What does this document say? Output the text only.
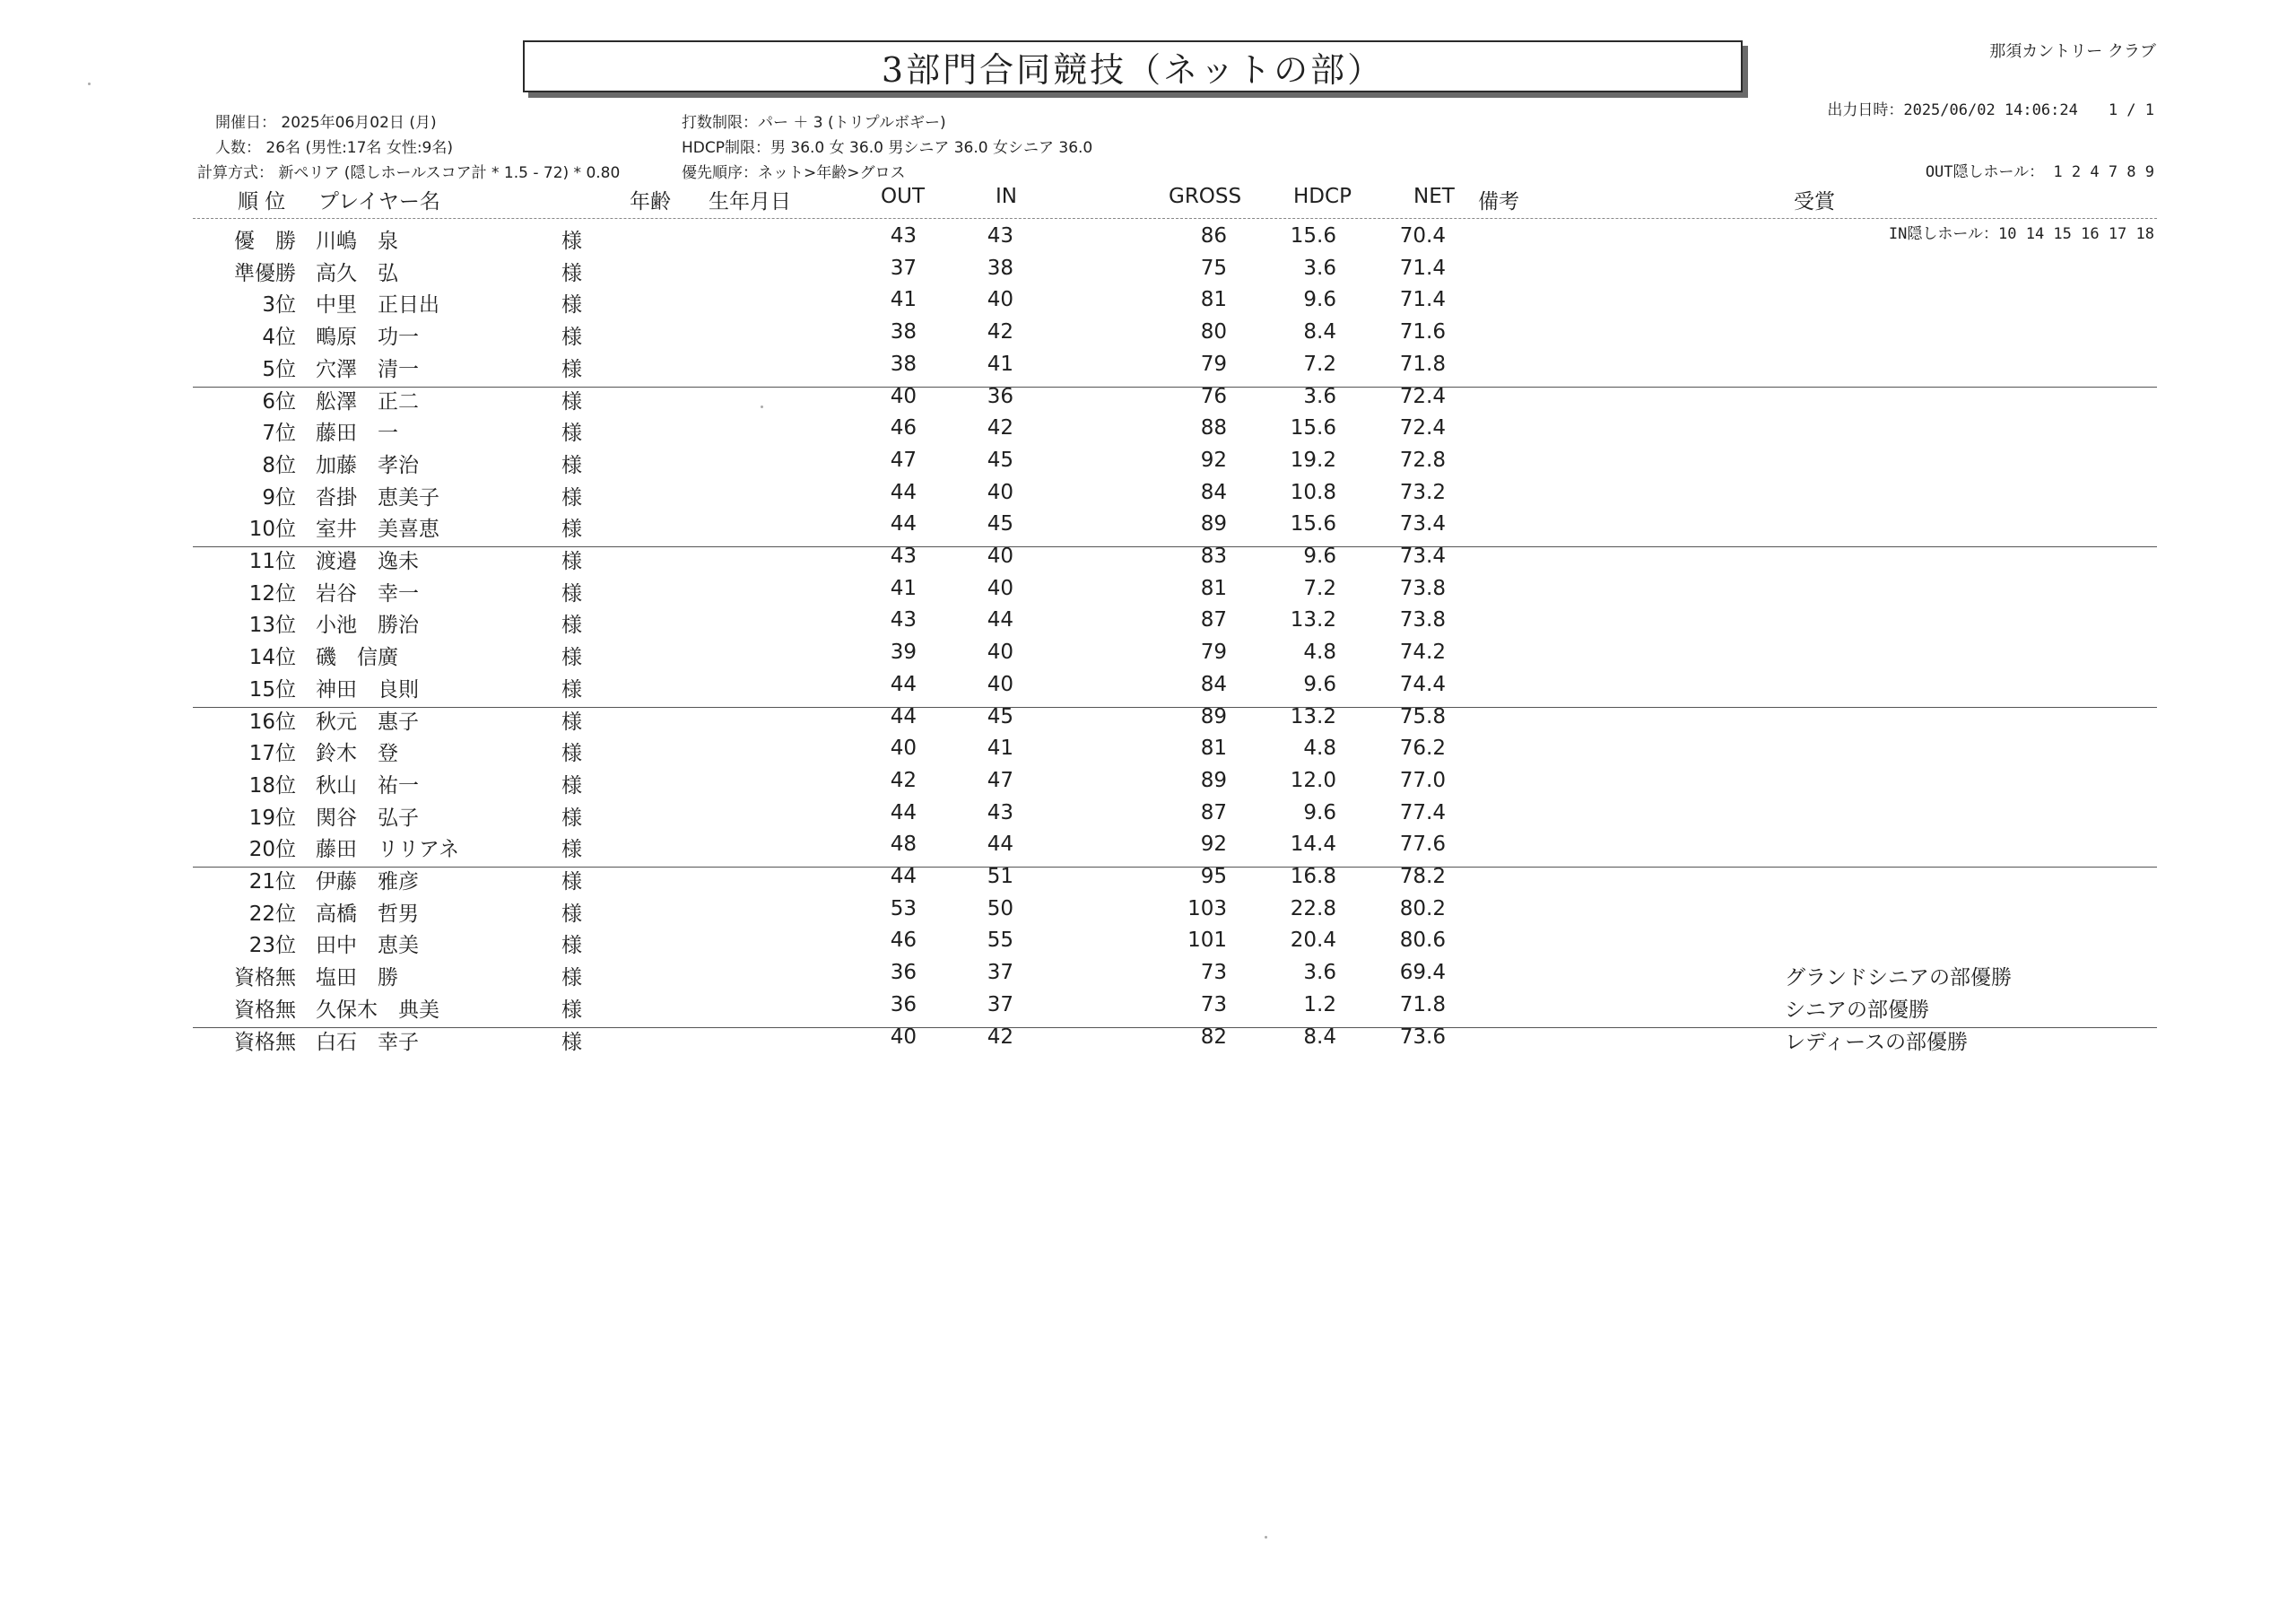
3部門合同競技（ネットの部）	那須カントリー クラブ

出力日時：2025/06/02 14:06:24　　 1 / 1

OUT隠しホール： 1 2 4 7 8 9

IN隠しホール：10 14 15 16 17 18

開催日： 2025年06月02日 (月)
人数： 26名 (男性:17名 女性:9名)
計算方式： 新ペリア (隠しホールスコア計 * 1.5 - 72) * 0.80
打数制限：パー ＋ 3 (トリプルボギー)
HDCP制限：男 36.0 女 36.0 男シニア 36.0 女シニア 36.0
優先順序：ネット>年齢>グロス
順 位 プレイヤー名	年齢 生年月日	OUT	IN	GROSS	HDCP	NET 備考	受賞
優　勝 川嶋　泉	様	43	43	86	15.6	70.4
準優勝 高久　弘	様	37	38	75	3.6	71.4
3位 中里　正日出	様	41	40	81	9.6	71.4
4位 鴫原　功一	様	38	42	80	8.4	71.6
5位 穴澤　清一	様	38	41	79	7.2	71.8
6位 舩澤　正二	様	40	36	76	3.6	72.4
7位 藤田　一	様	46	42	88	15.6	72.4
8位 加藤　孝治	様	47	45	92	19.2	72.8
9位 沓掛　恵美子	様	44	40	84	10.8	73.2
10位 室井　美喜恵	様	44	45	89	15.6	73.4
11位 渡邉　逸未	様	43	40	83	9.6	73.4
12位 岩谷　幸一	様	41	40	81	7.2	73.8
13位 小池　勝治	様	43	44	87	13.2	73.8
14位 磯　信廣	様	39	40	79	4.8	74.2
15位 神田　良則	様	44	40	84	9.6	74.4
16位 秋元　惠子	様	44	45	89	13.2	75.8
17位 鈴木　登	様	40	41	81	4.8	76.2
18位 秋山　祐一	様	42	47	89	12.0	77.0
19位 関谷　弘子	様	44	43	87	9.6	77.4
20位 藤田　リリアネ	様	48	44	92	14.4	77.6
21位 伊藤　雅彦	様	44	51	95	16.8	78.2
22位 高橋　哲男	様	53	50	103	22.8	80.2
23位 田中　恵美	様	46	55	101	20.4	80.6
資格無 塩田　勝	様	36	37	73	3.6	69.4	グランドシニアの部優勝
資格無 久保木　典美	様	36	37	73	1.2	71.8	シニアの部優勝
資格無 白石　幸子	様	40	42	82	8.4	73.6	レディースの部優勝
